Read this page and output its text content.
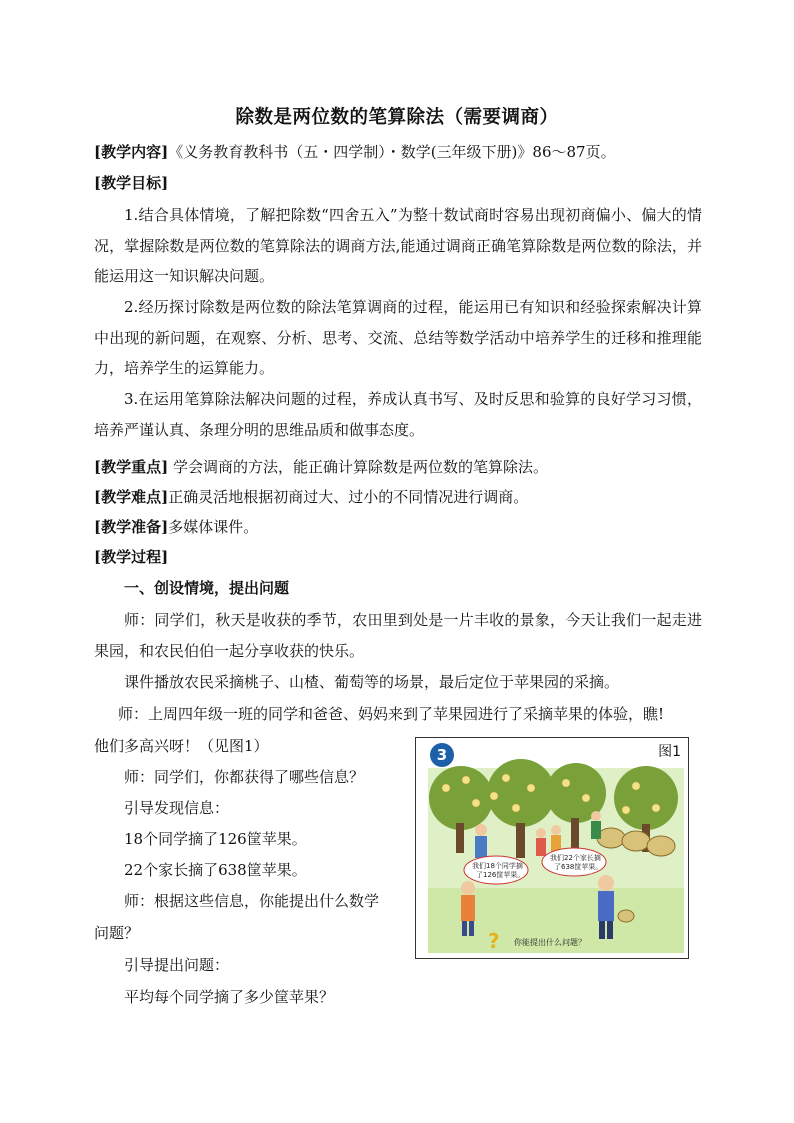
除数是两位数的笔算除法（需要调商）
[教学内容]《义务教育教科书（五・四学制）・数学(三年级下册)》86～87页。
[教学目标]
1.结合具体情境，了解把除数“四舍五入”为整十数试商时容易出现初商偏小、偏大的情况，掌握除数是两位数的笔算除法的调商方法,能通过调商正确笔算除数是两位数的除法，并能运用这一知识解决问题。
2.经历探讨除数是两位数的除法笔算调商的过程，能运用已有知识和经验探索解决计算中出现的新问题，在观察、分析、思考、交流、总结等数学活动中培养学生的迁移和推理能力，培养学生的运算能力。
3.在运用笔算除法解决问题的过程，养成认真书写、及时反思和验算的良好学习习惯，培养严谨认真、条理分明的思维品质和做事态度。
[教学重点] 学会调商的方法，能正确计算除数是两位数的笔算除法。
[教学难点]正确灵活地根据初商过大、过小的不同情况进行调商。
[教学准备]多媒体课件。
[教学过程]
一、创设情境，提出问题
师：同学们，秋天是收获的季节，农田里到处是一片丰收的景象，今天让我们一起走进果园，和农民伯伯一起分享收获的快乐。
课件播放农民采摘桃子、山楂、葡萄等的场景，最后定位于苹果园的采摘。
师：上周四年级一班的同学和爸爸、妈妈来到了苹果园进行了采摘苹果的体验，瞧!
他们多高兴呀！（见图1）
师：同学们，你都获得了哪些信息？
引导发现信息：
18个同学摘了126筐苹果。
22个家长摘了638筐苹果。
师：根据这些信息，你能提出什么数学
问题？
引导提出问题：
平均每个同学摘了多少筐苹果？
我们18个同学摘
了126筐苹果。
我们22个家长摘
了638筐苹果。
? 你能提出什么问题？
3	图1
